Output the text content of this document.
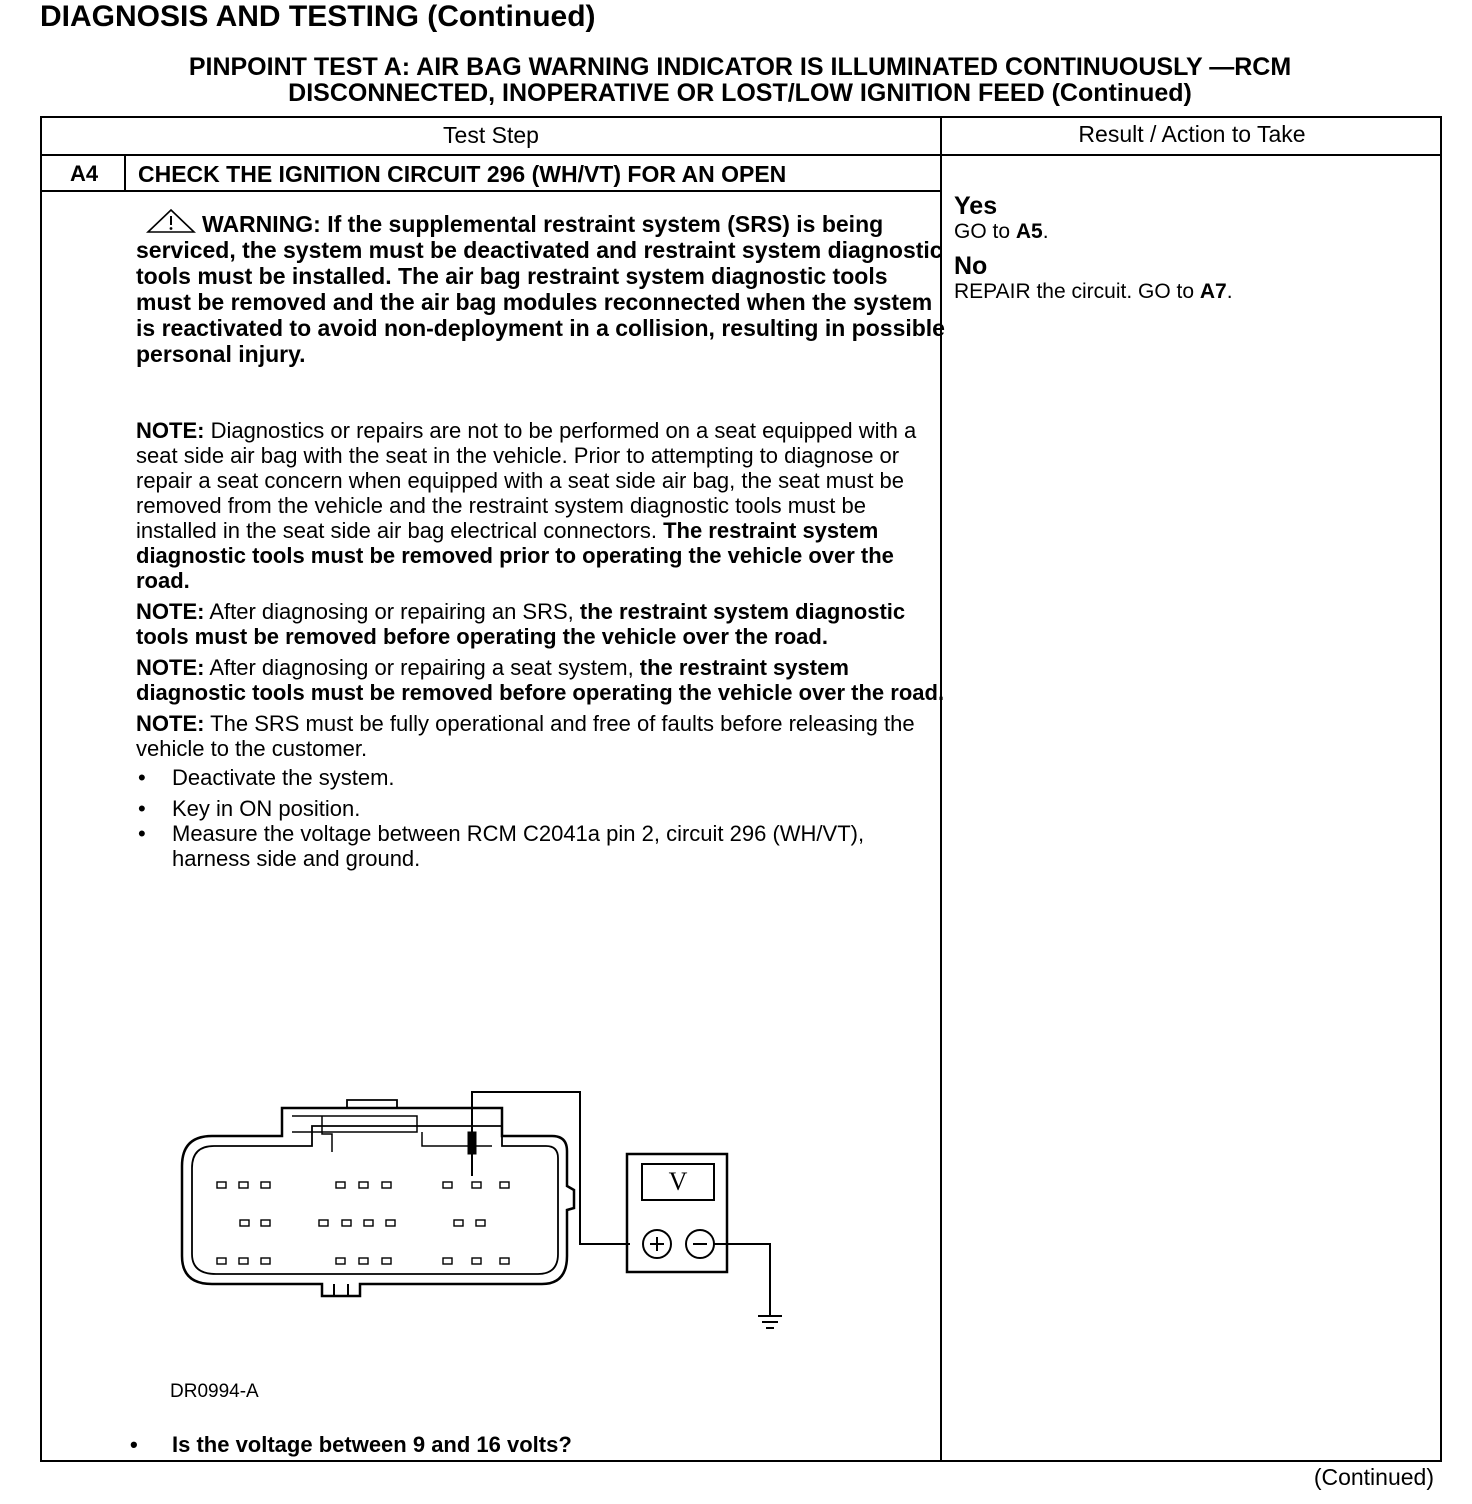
DIAGNOSIS AND TESTING (Continued)
PINPOINT TEST A: AIR BAG WARNING INDICATOR IS ILLUMINATED CONTINUOUSLY —RCM
DISCONNECTED, INOPERATIVE OR LOST/LOW IGNITION FEED (Continued)
Test Step	Result / Action to Take
A4	CHECK THE IGNITION CIRCUIT 296 (WH/VT) FOR AN OPEN
WARNING: If the supplemental restraint system (SRS) is being serviced, the system must be deactivated and restraint system diagnostic tools must be installed. The air bag restraint system diagnostic tools must be removed and the air bag modules reconnected when the system is reactivated to avoid non-deployment in a collision, resulting in possible personal injury.

NOTE: Diagnostics or repairs are not to be performed on a seat equipped with a seat side air bag with the seat in the vehicle. Prior to attempting to diagnose or repair a seat concern when equipped with a seat side air bag, the seat must be removed from the vehicle and the restraint system diagnostic tools must be installed in the seat side air bag electrical connectors. The restraint system diagnostic tools must be removed prior to operating the vehicle over the road.

NOTE: After diagnosing or repairing an SRS, the restraint system diagnostic tools must be removed before operating the vehicle over the road.

NOTE: After diagnosing or repairing a seat system, the restraint system diagnostic tools must be removed before operating the vehicle over the road.

NOTE: The SRS must be fully operational and free of faults before releasing the vehicle to the customer.

• Deactivate the system.
• Key in ON position.
• Measure the voltage between RCM C2041a pin 2, circuit 296 (WH/VT), harness side and ground.
V
DR0994-A
• Is the voltage between 9 and 16 volts?
Yes
GO to A5.
No
REPAIR the circuit. GO to A7.
(Continued)
